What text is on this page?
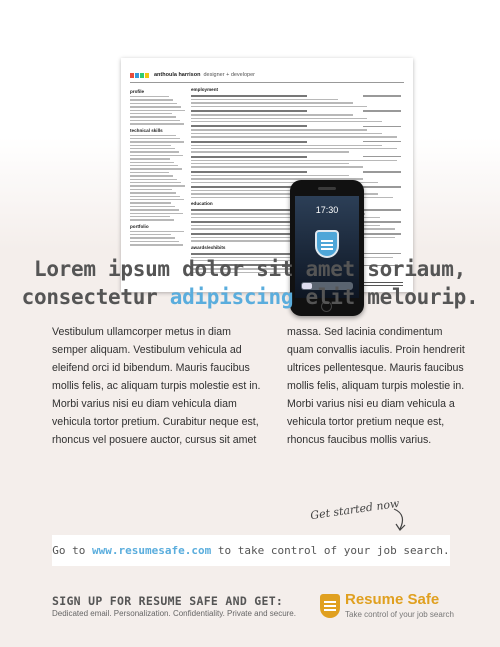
anthoula harrison designer + developer
profile
technical skills
portfolio
employment
education
awards/exhibits
17:30
Lorem ipsum dolor sit amet soriaum,
consectetur adipiscing elit melourip.

Vestibulum ullamcorper metus in diam semper aliquam. Vestibulum vehicula ad eleifend orci id bibendum. Mauris faucibus mollis felis, ac aliquam turpis molestie est in. Morbi varius nisi eu diam vehicula diam vehicula tortor pretium. Curabitur neque est, rhoncus vel posuere auctor, cursus sit amet

massa. Sed lacinia condimentum quam convallis iaculis. Proin hendrerit ultrices pellentesque. Mauris faucibus mollis felis, aliquam turpis molestie in. Morbi varius nisi eu diam vehicula a vehicula tortor pretium neque est, rhoncus faucibus mollis varius.

Get started now
Go to www.resumesafe.com to take control of your job search.
SIGN UP FOR RESUME SAFE AND GET:
Dedicated email. Personalization. Confidentiality. Private and secure.
Resume Safe
Take control of your job search
